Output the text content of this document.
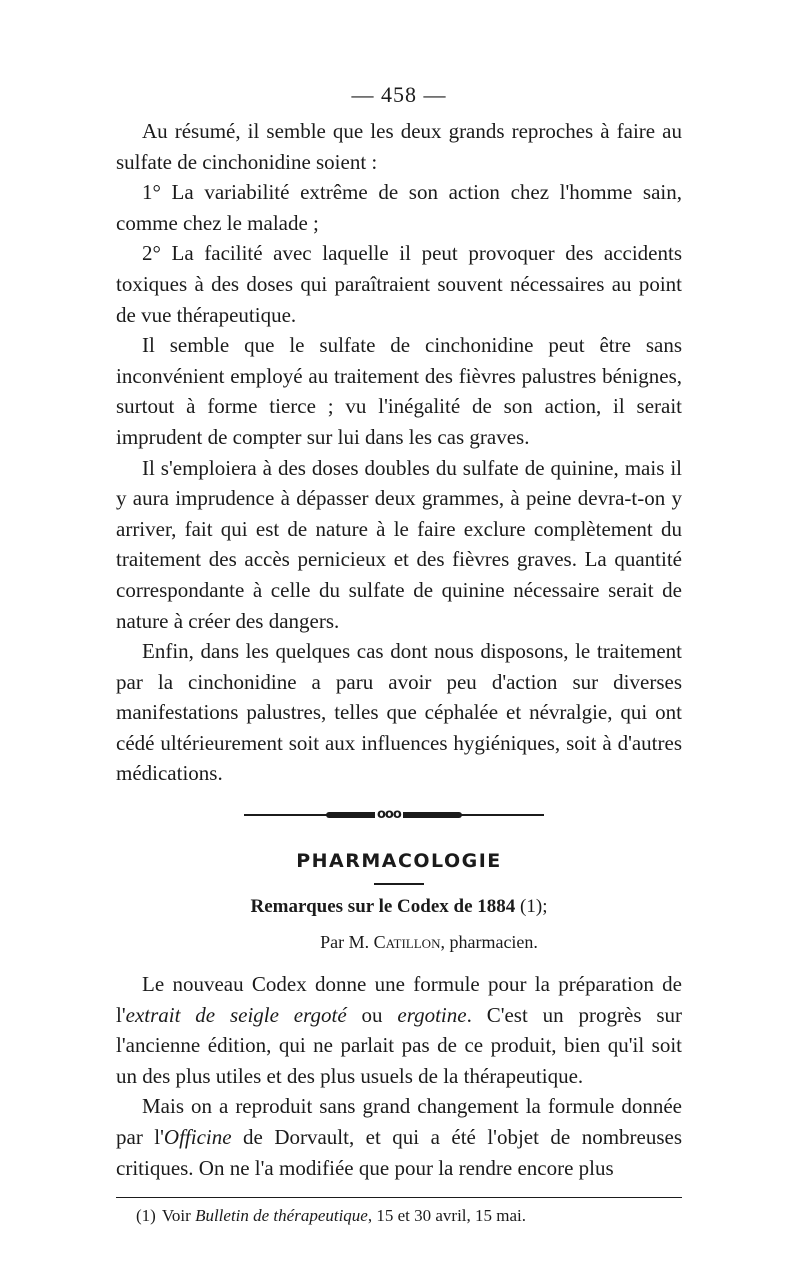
— 458 —

Au résumé, il semble que les deux grands reproches à faire au sulfate de cinchonidine soient :

1° La variabilité extrême de son action chez l'homme sain, comme chez le malade ;

2° La facilité avec laquelle il peut provoquer des accidents toxiques à des doses qui paraîtraient souvent nécessaires au point de vue thérapeutique.

Il semble que le sulfate de cinchonidine peut être sans inconvénient employé au traitement des fièvres palustres bénignes, surtout à forme tierce ; vu l'inégalité de son action, il serait imprudent de compter sur lui dans les cas graves.

Il s'emploiera à des doses doubles du sulfate de quinine, mais il y aura imprudence à dépasser deux grammes, à peine devra-t-on y arriver, fait qui est de nature à le faire exclure complètement du traitement des accès pernicieux et des fièvres graves. La quantité correspondante à celle du sulfate de quinine nécessaire serait de nature à créer des dangers.

Enfin, dans les quelques cas dont nous disposons, le traitement par la cinchonidine a paru avoir peu d'action sur diverses manifestations palustres, telles que céphalée et névralgie, qui ont cédé ultérieurement soit aux influences hygiéniques, soit à d'autres médications.

ooo
PHARMACOLOGIE
Remarques sur le Codex de 1884 (1);
Par M. Catillon, pharmacien.

Le nouveau Codex donne une formule pour la préparation de l'extrait de seigle ergoté ou ergotine. C'est un progrès sur l'ancienne édition, qui ne parlait pas de ce produit, bien qu'il soit un des plus utiles et des plus usuels de la thérapeutique.

Mais on a reproduit sans grand changement la formule donnée par l'Officine de Dorvault, et qui a été l'objet de nombreuses critiques. On ne l'a modifiée que pour la rendre encore plus

(1) Voir Bulletin de thérapeutique, 15 et 30 avril, 15 mai.
